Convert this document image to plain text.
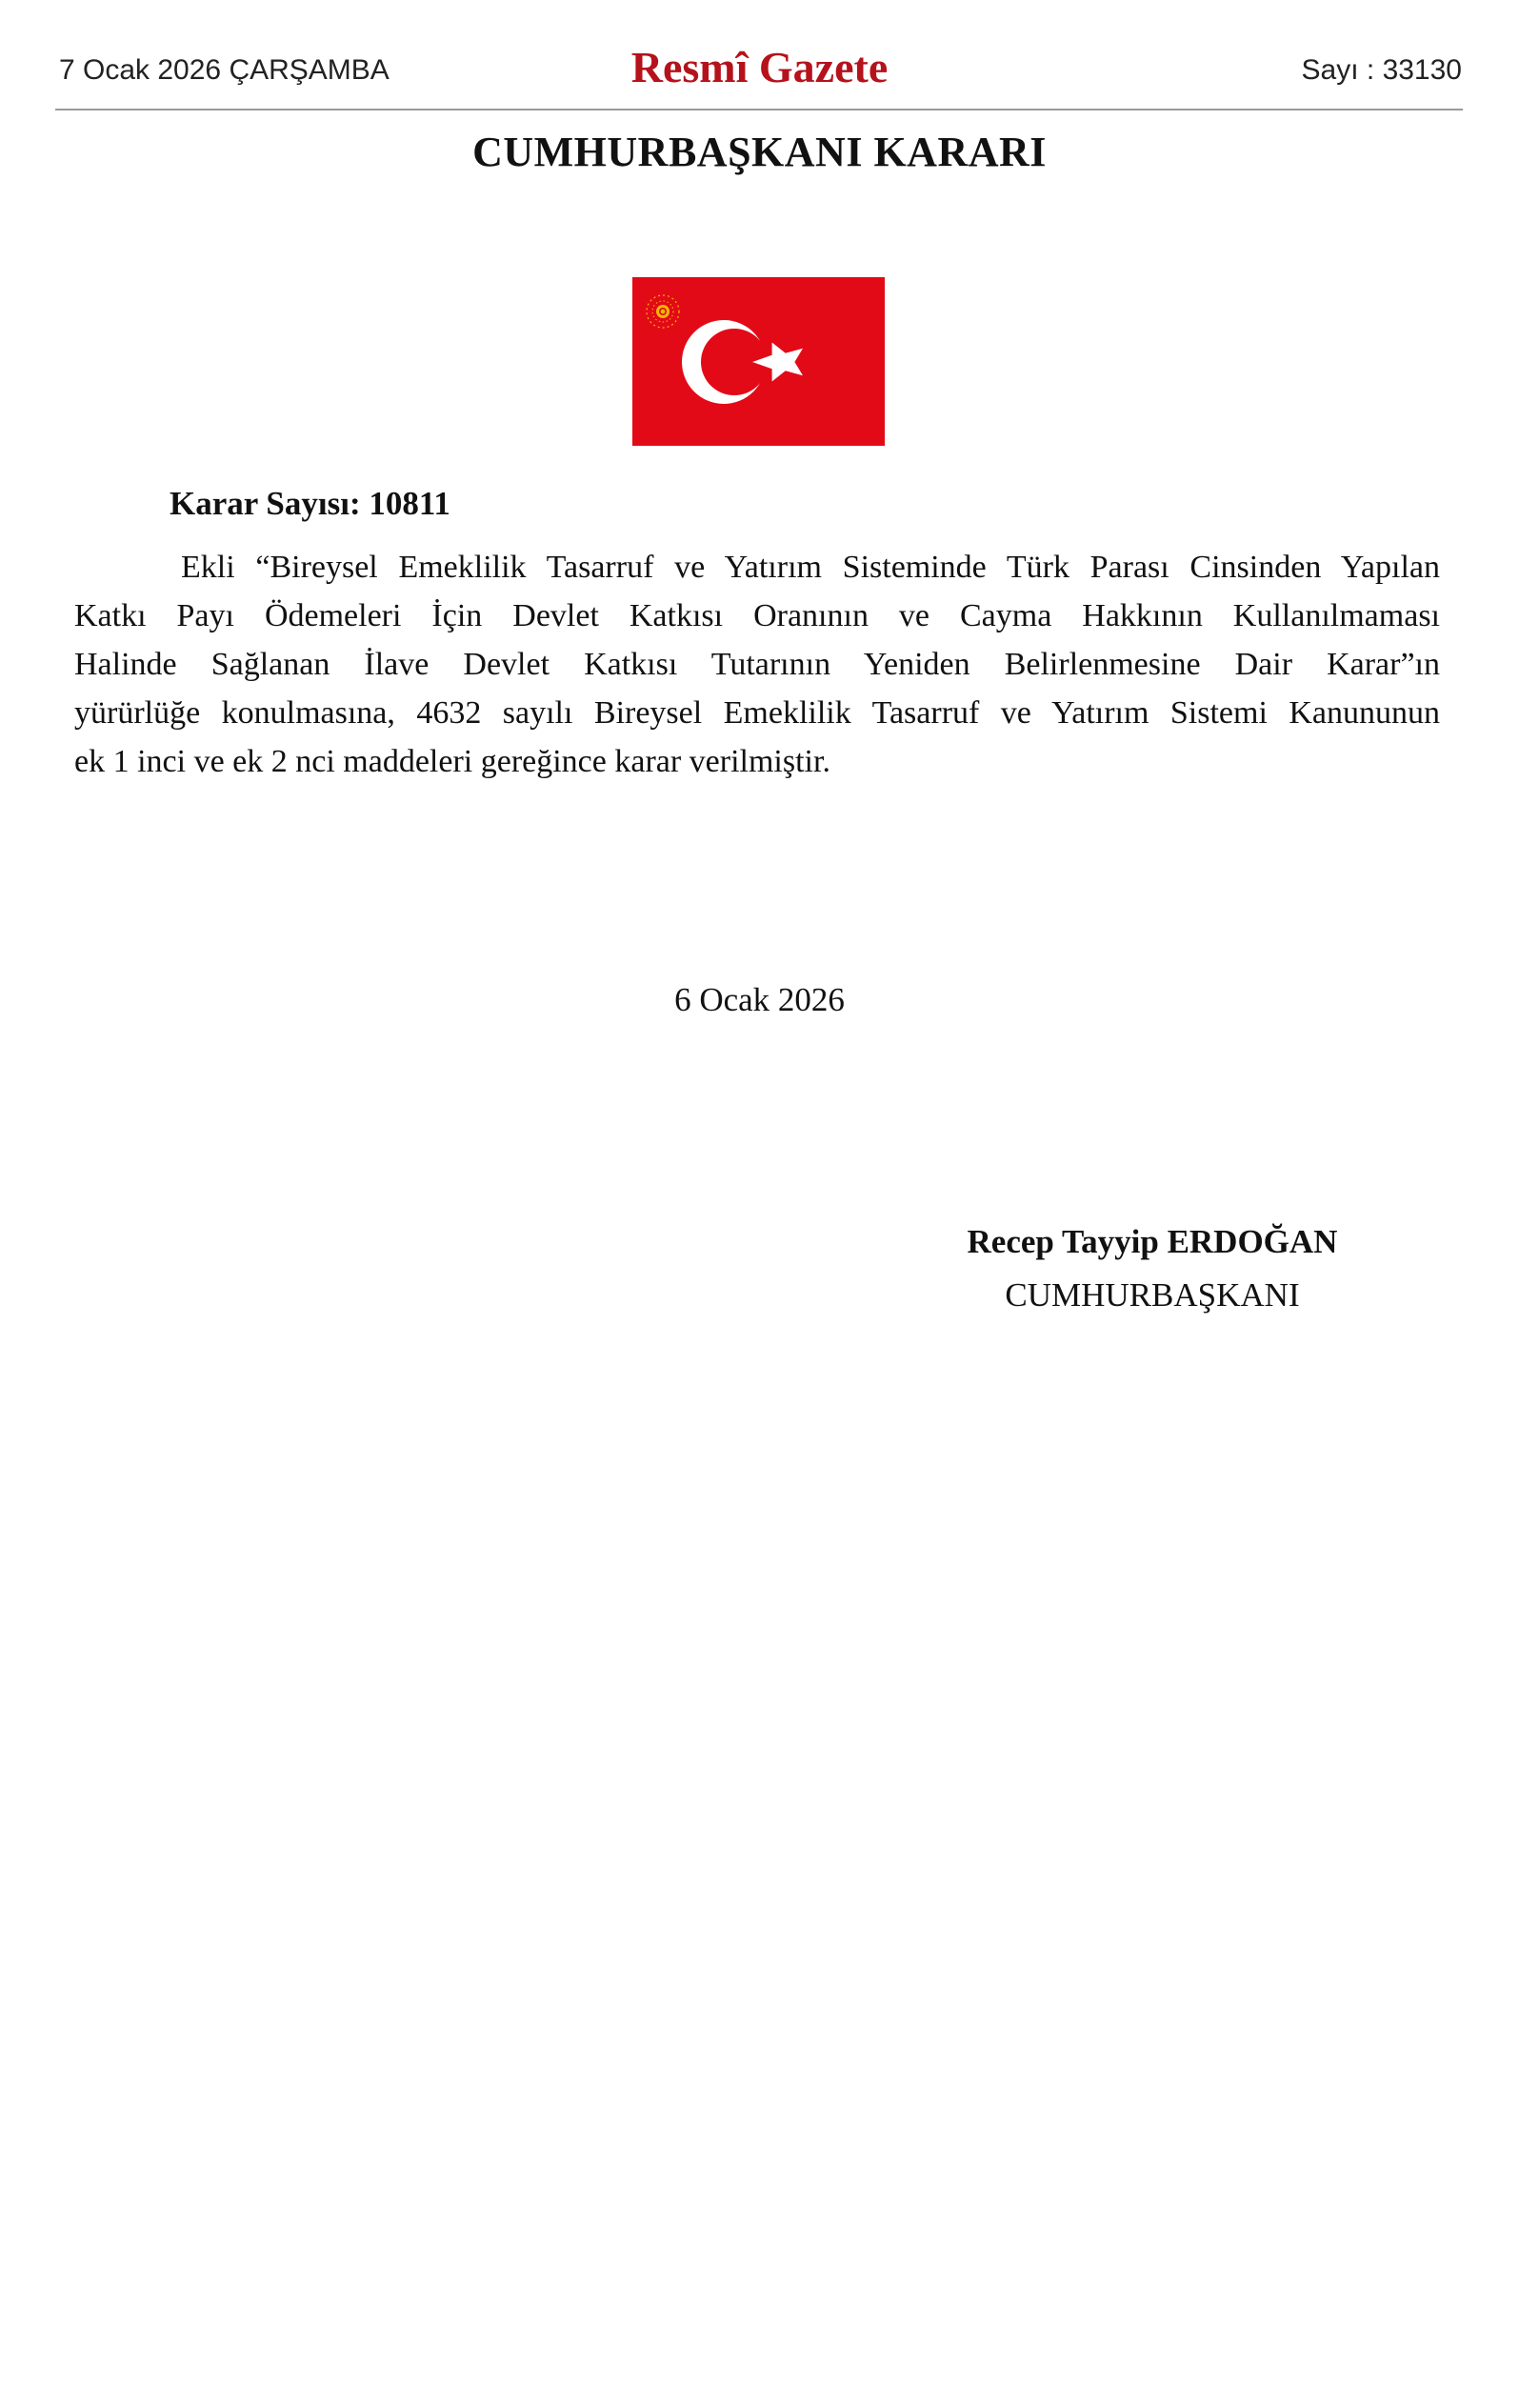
7 Ocak 2026 ÇARŞAMBA	Resmî Gazete	Sayı : 33130
CUMHURBAŞKANI KARARI
Karar Sayısı: 10811
Ekli “Bireysel Emeklilik Tasarruf ve Yatırım Sisteminde Türk Parası Cinsinden Yapılan
Katkı Payı Ödemeleri İçin Devlet Katkısı Oranının ve Cayma Hakkının Kullanılmaması
Halinde Sağlanan İlave Devlet Katkısı Tutarının Yeniden Belirlenmesine Dair Karar”ın
yürürlüğe konulmasına, 4632 sayılı Bireysel Emeklilik Tasarruf ve Yatırım Sistemi Kanununun
ek 1 inci ve ek 2 nci maddeleri gereğince karar verilmiştir.
6 Ocak 2026
Recep Tayyip ERDOĞAN
CUMHURBAŞKANI
